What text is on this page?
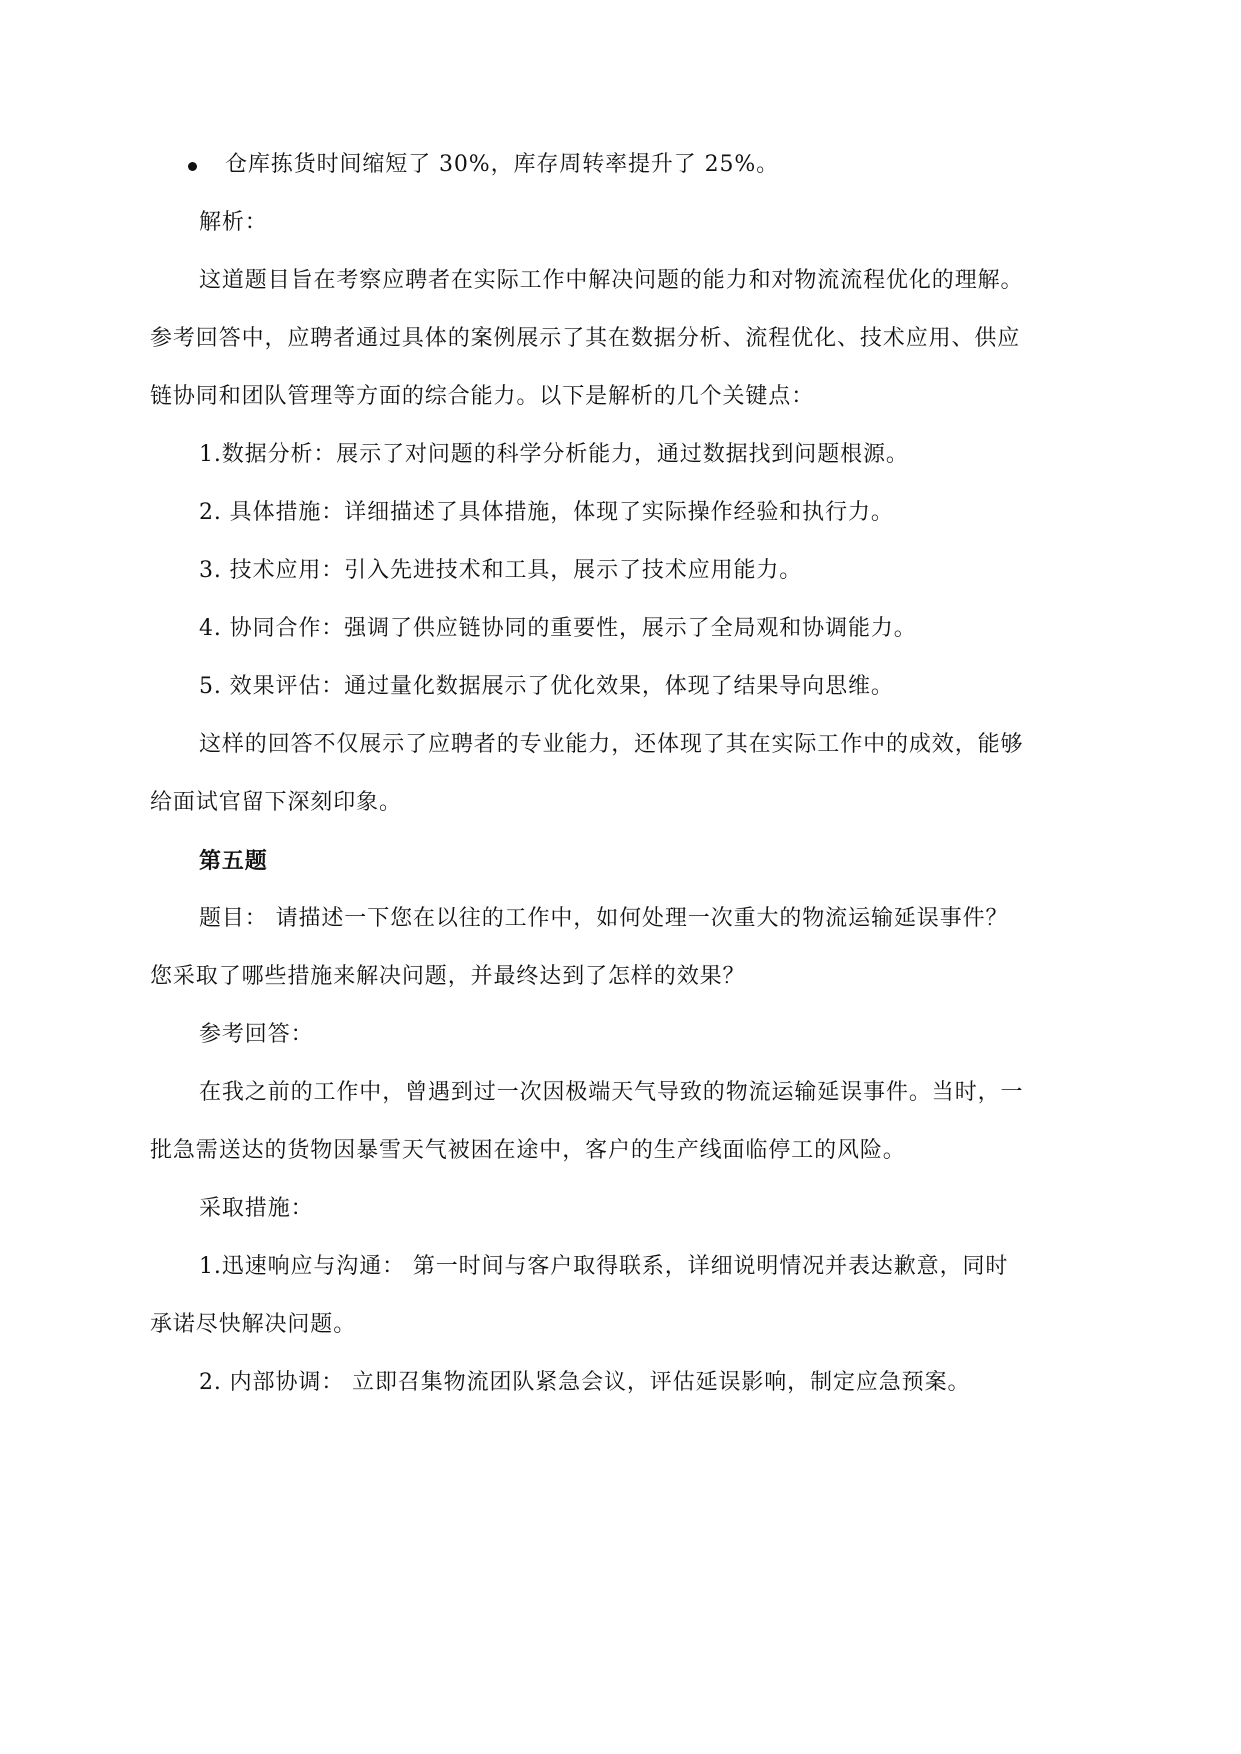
仓库拣货时间缩短了 30%，库存周转率提升了 25%。
解析：
这道题目旨在考察应聘者在实际工作中解决问题的能力和对物流流程优化的理解。
参考回答中，应聘者通过具体的案例展示了其在数据分析、流程优化、技术应用、供应
链协同和团队管理等方面的综合能力。以下是解析的几个关键点：
1.数据分析：展示了对问题的科学分析能力，通过数据找到问题根源。
2. 具体措施：详细描述了具体措施，体现了实际操作经验和执行力。
3. 技术应用：引入先进技术和工具，展示了技术应用能力。
4. 协同合作：强调了供应链协同的重要性，展示了全局观和协调能力。
5. 效果评估：通过量化数据展示了优化效果，体现了结果导向思维。
这样的回答不仅展示了应聘者的专业能力，还体现了其在实际工作中的成效，能够
给面试官留下深刻印象。
第五题
题目： 请描述一下您在以往的工作中，如何处理一次重大的物流运输延误事件？
您采取了哪些措施来解决问题，并最终达到了怎样的效果？
参考回答：
在我之前的工作中，曾遇到过一次因极端天气导致的物流运输延误事件。当时，一
批急需送达的货物因暴雪天气被困在途中，客户的生产线面临停工的风险。
采取措施：
1.迅速响应与沟通： 第一时间与客户取得联系，详细说明情况并表达歉意，同时
承诺尽快解决问题。
2. 内部协调： 立即召集物流团队紧急会议，评估延误影响，制定应急预案。
